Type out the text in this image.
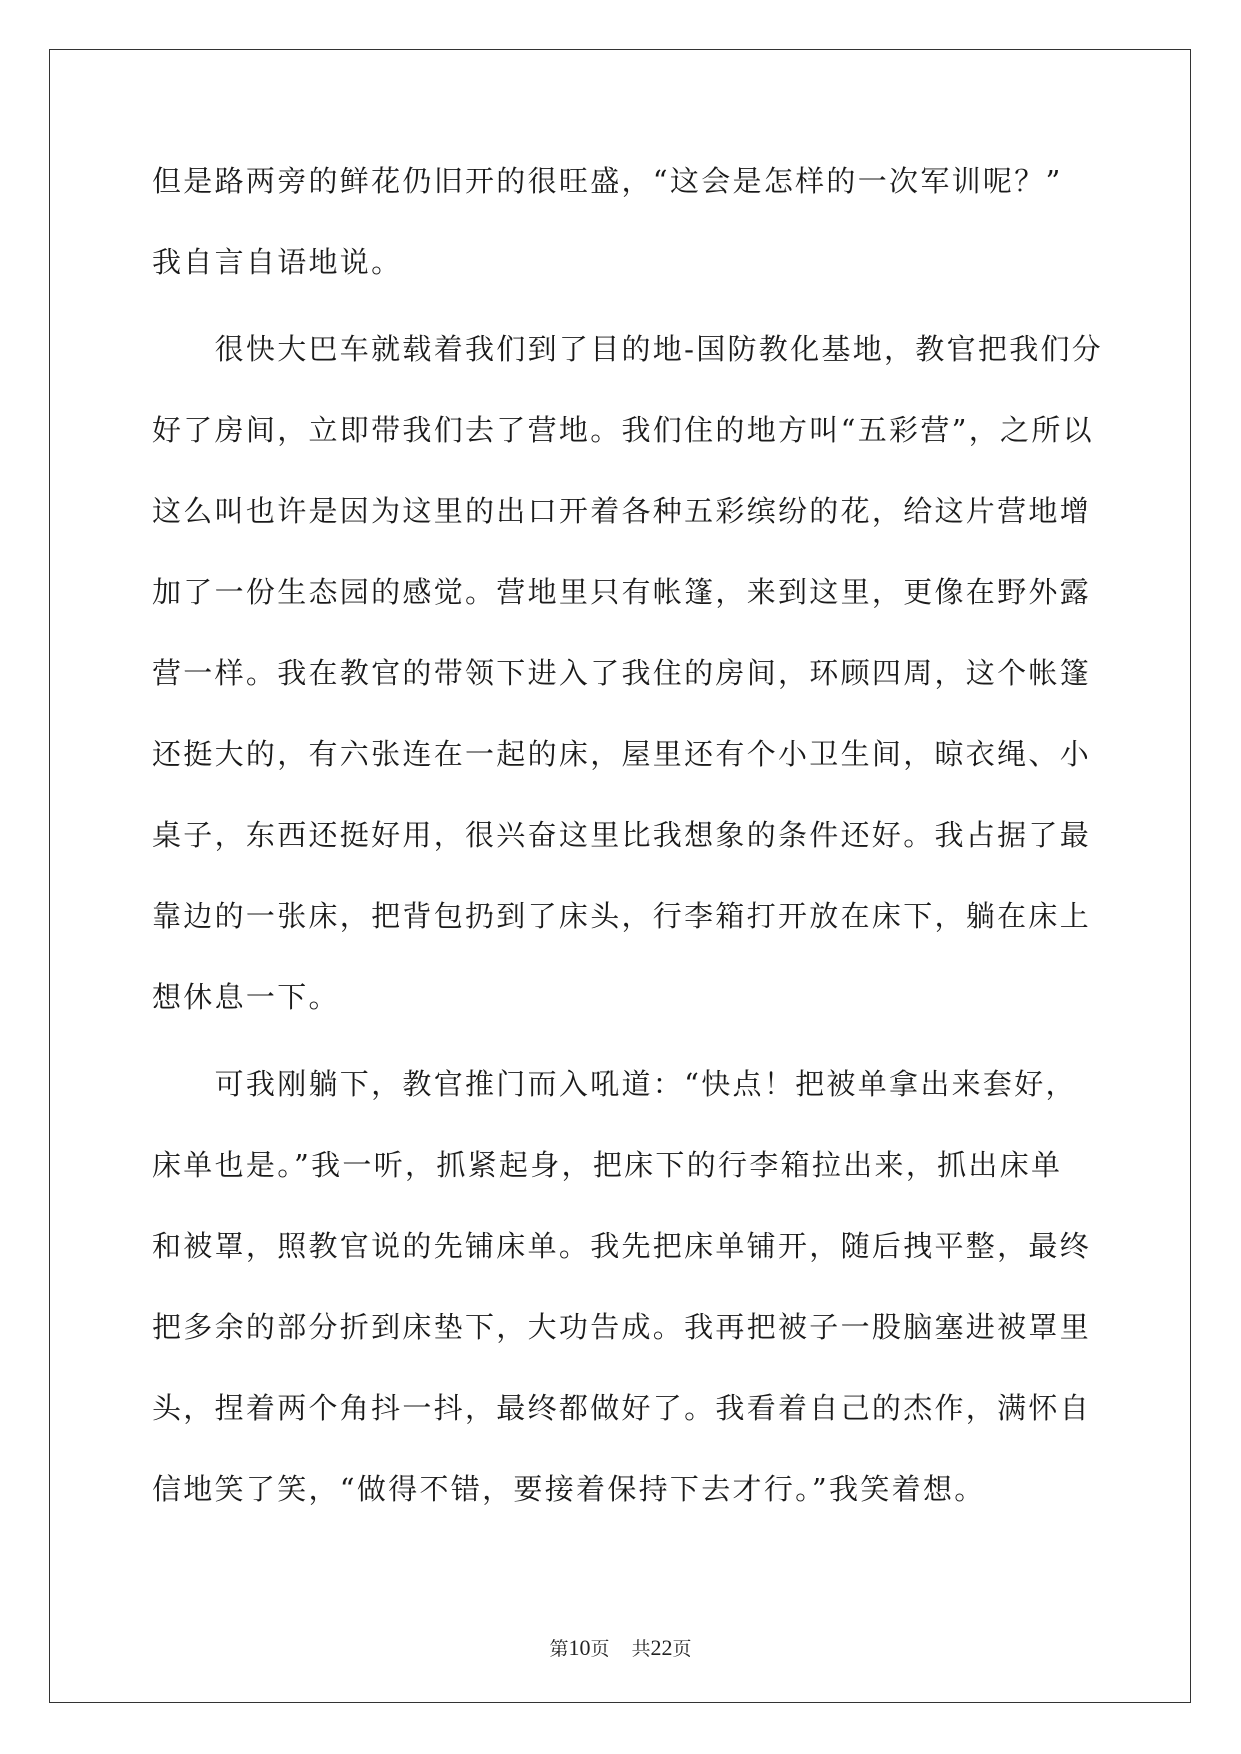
但是路两旁的鲜花仍旧开的很旺盛，“这会是怎样的一次军训呢？”
我自言自语地说。
　　很快大巴车就载着我们到了目的地-国防教化基地，教官把我们分
好了房间，立即带我们去了营地。我们住的地方叫“五彩营”，之所以
这么叫也许是因为这里的出口开着各种五彩缤纷的花，给这片营地增
加了一份生态园的感觉。营地里只有帐篷，来到这里，更像在野外露
营一样。我在教官的带领下进入了我住的房间，环顾四周，这个帐篷
还挺大的，有六张连在一起的床，屋里还有个小卫生间，晾衣绳、小
桌子，东西还挺好用，很兴奋这里比我想象的条件还好。我占据了最
靠边的一张床，把背包扔到了床头，行李箱打开放在床下，躺在床上
想休息一下。
　　可我刚躺下，教官推门而入吼道：“快点！把被单拿出来套好，
床单也是。”我一听，抓紧起身，把床下的行李箱拉出来，抓出床单
和被罩，照教官说的先铺床单。我先把床单铺开，随后拽平整，最终
把多余的部分折到床垫下，大功告成。我再把被子一股脑塞进被罩里
头，捏着两个角抖一抖，最终都做好了。我看着自己的杰作，满怀自
信地笑了笑，“做得不错，要接着保持下去才行。”我笑着想。
第10页 共22页
